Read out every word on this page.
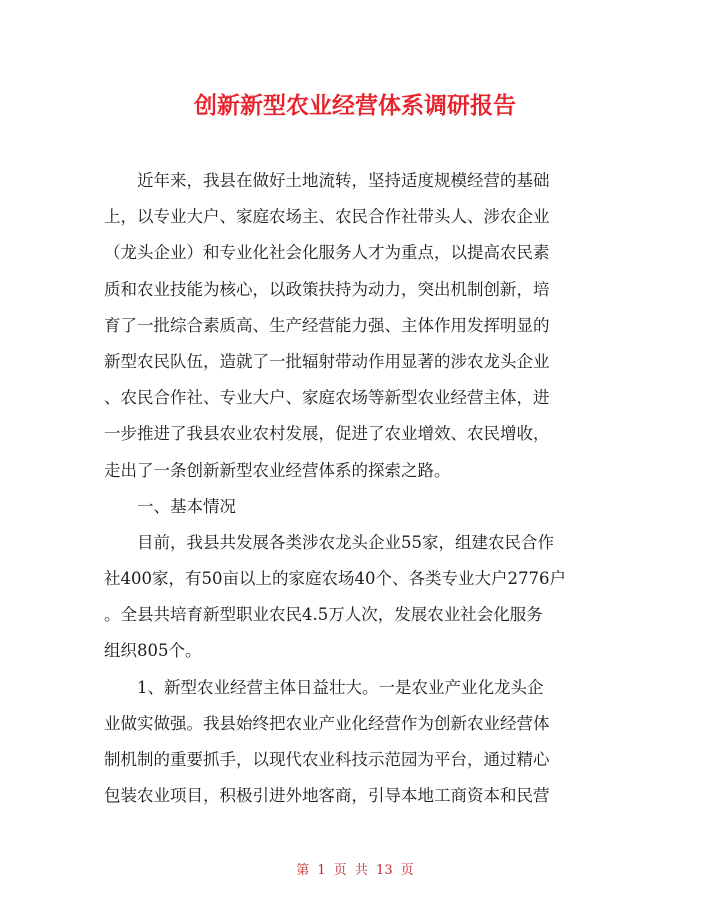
创新新型农业经营体系调研报告
近年来，我县在做好土地流转，坚持适度规模经营的基础
上，以专业大户、家庭农场主、农民合作社带头人、涉农企业
（龙头企业）和专业化社会化服务人才为重点，以提高农民素
质和农业技能为核心，以政策扶持为动力，突出机制创新，培
育了一批综合素质高、生产经营能力强、主体作用发挥明显的
新型农民队伍，造就了一批辐射带动作用显著的涉农龙头企业
、农民合作社、专业大户、家庭农场等新型农业经营主体，进
一步推进了我县农业农村发展，促进了农业增效、农民增收，
走出了一条创新新型农业经营体系的探索之路。
一、基本情况
目前，我县共发展各类涉农龙头企业55家，组建农民合作
社400家，有50亩以上的家庭农场40个、各类专业大户2776户
。全县共培育新型职业农民4.5万人次，发展农业社会化服务
组织805个。
1、新型农业经营主体日益壮大。一是农业产业化龙头企
业做实做强。我县始终把农业产业化经营作为创新农业经营体
制机制的重要抓手，以现代农业科技示范园为平台，通过精心
包装农业项目，积极引进外地客商，引导本地工商资本和民营
第 1 页 共 13 页
